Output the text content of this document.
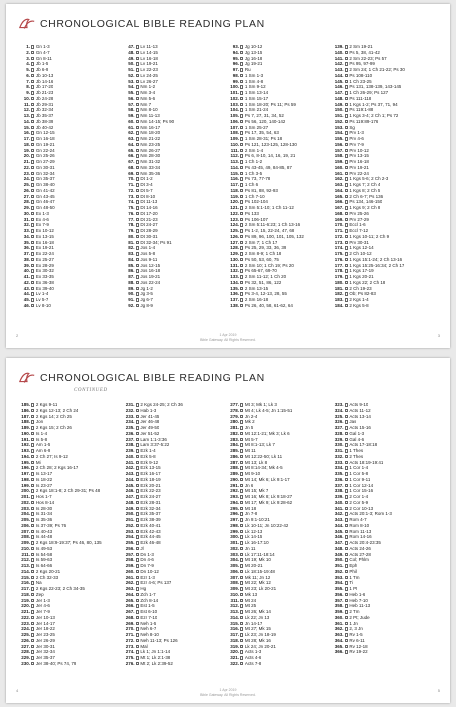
CHRONOLOGICAL BIBLE READING PLAN
1. Gn 1-3
2. Gn 4-7
3. Gn 8-11
4. Jb 1-5
5. Jb 6-9
6. Jb 10-13
7. Jb 14-16
8. Jb 17-20
9. Jb 21-23
10. Jb 24-28
11. Jb 29-31
12. Jb 32-34
13. Jb 35-37
14. Jb 38-39
15. Jb 40-42
16. Gn 12-15
17. Gn 16-18
18. Gn 19-21
19. Gn 22-24
20. Gn 25-26
21. Gn 27-29
22. Gn 30-31
23. Gn 32-34
24. Gn 35-37
25. Gn 38-40
26. Gn 41-42
27. Gn 43-45
28. Gn 46-47
29. Gn 48-50
30. Ex 1-3
31. Ex 4-6
32. Ex 7-9
33. Ex 10-12
34. Ex 13-15
35. Ex 16-18
36. Ex 19-21
37. Ex 22-24
38. Ex 25-27
39. Ex 28-29
40. Ex 30-32
41. Ex 33-35
42. Ex 36-38
43. Ex 39-40
44. Lv 1-4
45. Lv 5-7
46. Lv 8-10
47. Lv 11-13
48. Lv 14-15
49. Lv 16-18
50. Lv 19-21
51. Lv 22-23
52. Lv 24-25
53. Lv 26-27
54. Nm 1-2
55. Nm 3-4
56. Nm 5-6
57. Nm 7
58. Nm 8-10
59. Nm 11-13
60. Nm 14-15; Ps 90
61. Nm 16-17
62. Nm 18-20
63. Nm 21-22
64. Nm 23-25
65. Nm 26-27
66. Nm 28-30
67. Nm 31-32
68. Nm 33-34
69. Nm 35-36
70. Dt 1-2
71. Dt 3-4
72. Dt 5-7
73. Dt 8-10
74. Dt 11-13
75. Dt 14-16
76. Dt 17-20
77. Dt 21-23
78. Dt 24-27
79. Dt 28-29
80. Dt 30-31
81. Dt 32-34; Ps 91
82. Jos 1-4
83. Jos 5-8
84. Jos 9-11
85. Jos 12-15
86. Jos 16-18
87. Jos 19-21
88. Jos 22-24
89. Jg 1-2
90. Jg 3-5
91. Jg 6-7
92. Jg 8-9
93. Jg 10-12
94. Jg 13-15
95. Jg 16-18
96. Jg 19-21
97. Ru
98. 1 Sm 1-3
99. 1 Sm 4-8
100. 1 Sm 9-12
101. 1 Sm 13-14
102. 1 Sm 15-17
103. 1 Sm 18-20; Ps 11; Ps 59
104. 1 Sm 21-24
105. Ps 7, 27, 31, 34, 52
106. Ps 56, 120, 140-142
107. 1 Sm 25-27
108. Ps 17, 35, 54, 63
109. 1 Sm 28-31; Ps 18
110. Ps 121, 123-125, 128-130
111. 2 Sm 1-4
112. Ps 6, 8-10, 14, 16, 19, 21
113. 1 Ch 1-2
114. Ps 43-45, 49, 84-85, 87
115. 1 Ch 3-5
116. Ps 73, 77-78
117. 1 Ch 6
118. Ps 81, 88, 92-93
119. 1 Ch 7-10
120. Ps 102-104
121. 2 Sm 5:1-10; 1 Ch 11-12
122. Ps 133
123. Ps 106-107
124. 2 Sm 5:11-6:23; 1 Ch 13-16
125. Ps 1-2, 15, 22-24, 47, 68
126. Ps 89, 96, 100, 101, 105, 132
127. 2 Sm 7; 1 Ch 17
128. Ps 25, 29, 33, 36, 39
129. 2 Sm 8-9; 1 Ch 18
130. Ps 50, 53, 60, 75
131. 2 Sm 10; 1 Ch 19; Ps 20
132. Ps 65-67, 69-70
133. 2 Sm 11-12; 1 Ch 20
134. Ps 32, 51, 86, 122
135. 2 Sm 13-15
136. Ps 3-4, 12-13, 28, 55
137. 2 Sm 16-18
138. Ps 26, 40, 58, 61-62, 64
139. 2 Sm 19-21
140. Ps 5, 38, 41-42
141. 2 Sm 22-23; Ps 57
142. Ps 95, 97-99
143. 2 Sm 24; 1 Ch 21-22; Ps 30
144. Ps 108-110
145. 1 Ch 23-25
146. Ps 131, 138-139, 143-145
147. 1 Ch 26-29; Ps 127
148. Ps 111-118
149. 1 Kgs 1-2; Ps 37, 71, 94
150. Ps 119:1-88
151. 1 Kgs 3-4; 2 Ch 1; Ps 72
152. Ps 119:89-176
153. Sg
154. Prv 1-3
155. Prv 4-6
156. Prv 7-9
157. Prv 10-12
158. Prv 13-15
159. Prv 16-18
160. Prv 19-21
161. Prv 22-24
162. 1 Kgs 5-6; 2 Ch 2-3
163. 1 Kgs 7; 2 Ch 4
164. 1 Kgs 8; 2 Ch 5
165. 2 Ch 6-7; Ps 136
166. Ps 134, 146-150
167. 1 Kgs 9; 2 Ch 8
168. Prv 25-26
169. Prv 27-29
170. Eccl 1-6
171. Eccl 7-12
172. 1 Kgs 10-11; 2 Ch 9
173. Prv 30-31
174. 1 Kgs 12-14
175. 2 Ch 10-12
176. 1 Kgs 15:1-24; 2 Ch 13-16
177. 1 Kgs 15:25-16:34; 2 Ch 17
178. 1 Kgs 17-19
179. 1 Kgs 20-21
180. 1 Kgs 22; 2 Ch 18
181. 2 Ch 19-23
182. Ob; Ps 82-83
183. 2 Kgs 1-4
184. 2 Kgs 5-8
2	1 Apr 2019
Bible Gateway. All Rights Reserved.
3
CHRONOLOGICAL BIBLE READING PLAN
CONTINUED
185. 2 Kgs 9-11
186. 2 Kgs 12-13; 2 Ch 24
187. 2 Kgs 14; 2 Ch 25
188. Jon
189. 2 Kgs 15; 2 Ch 26
190. Is 1-4
191. Is 5-8
192. Am 1-5
193. Am 6-9
194. 2 Ch 27; Is 9-12
195. Mi
196. 2 Ch 28; 2 Kgs 16-17
197. Is 13-17
198. Is 18-22
199. Is 23-27
200. 2 Kgs 18:1-8; 2 Ch 29-31; Ps 48
201. Hos 1-7
202. Hos 8-14
203. Is 28-30
204. Is 31-34
205. Is 35-36
206. Is 37-39; Ps 76
207. Is 40-43
208. Is 44-48
209. 2 Kgs 18:9-19:37; Ps 46, 80, 135
210. Is 49-53
211. Is 54-58
212. Is 59-63
213. Is 64-66
214. 2 Kgs 20-21
215. 2 Ch 32-33
216. Na
217. 2 Kgs 22-23; 2 Ch 34-35
218. Zep
219. Jer 1-3
220. Jer 4-6
221. Jer 7-9
222. Jer 10-13
223. Jer 14-17
224. Jer 18-22
225. Jer 23-25
226. Jer 26-29
227. Jer 30-31
228. Jer 32-34
229. Jer 35-37
230. Jer 38-40; Ps 74, 79
231. 2 Kgs 24-25; 2 Ch 36
232. Hab 1-3
233. Jer 41-45
234. Jer 46-48
235. Jer 49-50
236. Jer 51-52
237. Lam 1:1-3:36
238. Lam 3:37-5:22
239. Ezk 1-4
240. Ezk 5-8
241. Ezk 9-12
242. Ezk 13-15
243. Ezk 16-17
244. Ezk 18-19
245. Ezk 20-21
246. Ezk 22-23
247. Ezk 24-27
248. Ezk 28-31
249. Ezk 32-34
250. Ezk 35-37
251. Ezk 38-39
252. Ezk 40-41
253. Ezk 42-43
254. Ezk 44-45
255. Ezk 46-48
256. Jl
257. Dn 1-3
258. Dn 4-6
259. Dn 7-9
260. Dn 10-12
261. Ezr 1-3
262. Ezr 4-6; Ps 137
263. Hg
264. Zch 1-7
265. Zch 8-14
266. Est 1-5
267. Est 6-10
268. Ezr 7-10
269. Neh 1-5
270. Neh 6-7
271. Neh 8-10
272. Neh 11-13; Ps 126
273. Mal
274. Lk 1; Jn 1:1-14
275. Mt 1; Lk 2:1-38
276. Mt 2; Lk 2:39-52
277. Mt 3; Mk 1; Lk 3
278. Mt 4; Lk 4-5; Jn 1:15-51
279. Jn 2-4
280. Mk 2
281. Jn 5
282. Mt 12:1-21; Mk 3; Lk 6
283. Mt 5-7
284. Mt 8:1-13; Lk 7
285. Mt 11
286. Mt 12:22-50; Lk 11
287. Mt 13; Lk 8
288. Mt 8:14-34; Mk 4-5
289. Mt 9-10
290. Mt 14; Mk 6; Lk 9:1-17
291. Jn 6
292. Mt 15; Mk 7
293. Mt 16; Mk 8; Lk 9:18-27
294. Mt 17; Mk 9; Lk 9:28-62
295. Mt 18
296. Jn 7-8
297. Jn 9:1-10:21
298. Lk 10-11; Jn 10:22-42
299. Lk 12-13
300. Lk 14-15
301. Lk 16-17:10
302. Jn 11
303. Lk 17:11-18:14
304. Mt 19; Mk 10
305. Mt 20-21
306. Lk 18:15-19:48
307. Mk 11; Jn 12
308. Mt 22; Mk 12
309. Mt 23; Lk 20-21
310. Mk 13
311. Mt 24
312. Mt 25
313. Mt 26; Mk 14
314. Lk 22; Jn 13
315. Jn 14-17
316. Mt 27; Mk 15
317. Lk 23; Jn 18-19
318. Mt 28; Mk 16
319. Lk 24; Jn 20-21
320. Acts 1-3
321. Acts 4-6
322. Acts 7-8
323. Acts 9-10
324. Acts 11-12
325. Acts 13-14
326. Jas
327. Acts 15-16
328. Gal 1-3
329. Gal 4-6
330. Acts 17-18:18
331. 1 Thes
332. 2 Thes
333. Acts 18:19-19:41
334. 1 Cor 1-4
335. 1 Cor 5-8
336. 1 Cor 9-11
337. 1 Cor 12-14
338. 1 Cor 15-16
339. 2 Cor 1-4
340. 2 Cor 5-9
341. 2 Cor 10-13
342. Acts 20:1-3; Rom 1-3
343. Rom 4-7
344. Rom 8-10
345. Rom 11-13
346. Rom 14-16
347. Acts 20:4-23:35
348. Acts 24-26
349. Acts 27-28
350. Col; Phlm
351. Eph
352. Phil
353. 1 Tm
354. Ti
355. 1 Pt
356. Heb 1-6
357. Heb 7-10
358. Heb 11-13
359. 2 Tm
360. 2 Pt; Jude
361. 1 Jn
362. 2, 3 Jn
363. Rv 1-5
364. Rv 6-11
365. Rv 12-18
366. Rv 19-22
4	1 Apr 2019
Bible Gateway. All Rights Reserved.
5
